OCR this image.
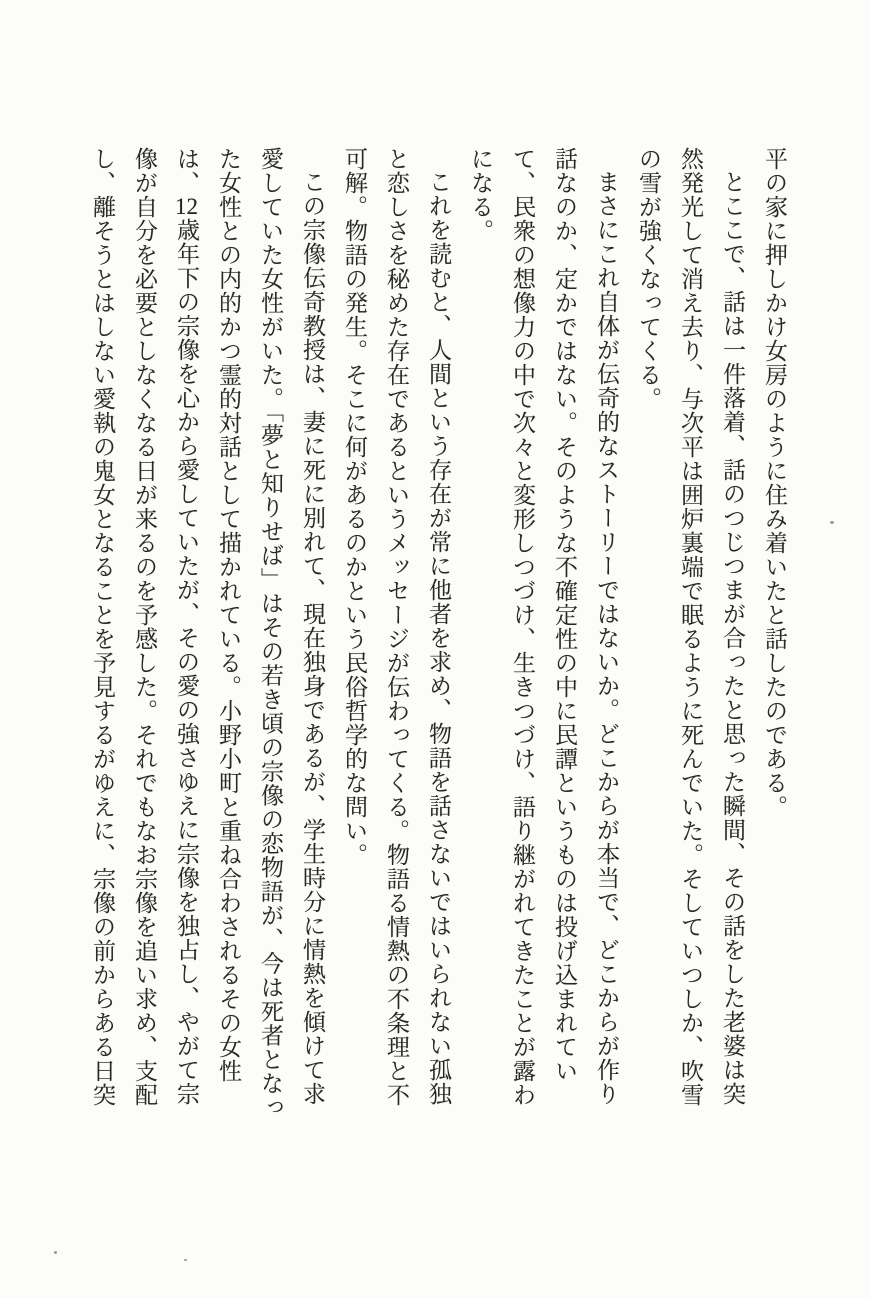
平の家に押しかけ女房のように住み着いたと話したのである。

とここで、話は一件落着、話のつじつまが合ったと思った瞬間、その話をした老婆は突然発光して消え去り、与次平は囲炉裏端で眠るように死んでいた。そしていつしか、吹雪の雪が強くなってくる。

まさにこれ自体が伝奇的なストーリーではないか。どこからが本当で、どこからが作り話なのか、定かではない。そのような不確定性の中に民譚というものは投げ込まれていて、民衆の想像力の中で次々と変形しつづけ、生きつづけ、語り継がれてきたことが露わになる。

これを読むと、人間という存在が常に他者を求め、物語を話さないではいられない孤独と恋しさを秘めた存在であるというメッセージが伝わってくる。物語る情熱の不条理と不可解。物語の発生。そこに何があるのかという民俗哲学的な問い。

この宗像伝奇教授は、妻に死に別れて、現在独身であるが、学生時分に情熱を傾けて求愛していた女性がいた。「夢と知りせば」はその若き頃の宗像の恋物語が、今は死者となった女性との内的かつ霊的対話として描かれている。小野小町と重ね合わされるその女性は、12歳年下の宗像を心から愛していたが、その愛の強さゆえに宗像を独占し、やがて宗像が自分を必要としなくなる日が来るのを予感した。それでもなお宗像を追い求め、支配し、離そうとはしない愛執の鬼女となることを予見するがゆえに、宗像の前からある日突
